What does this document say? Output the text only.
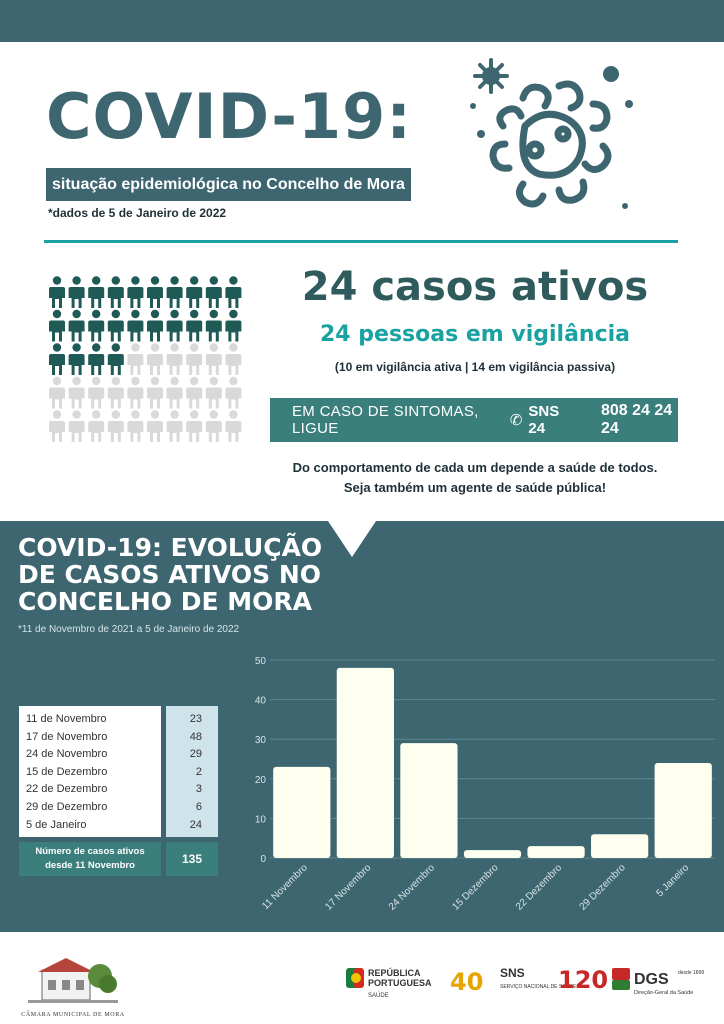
COVID-19:
situação epidemiológica no Concelho de Mora
*dados de 5 de Janeiro de 2022
24 casos ativos
24 pessoas em vigilância
(10 em vigilância ativa | 14 em vigilância passiva)
EM CASO DE SINTOMAS, LIGUE	✆
SNS 24
808 24 24 24
Do comportamento de cada um depende a saúde de todos.
Seja também um agente de saúde pública!
COVID-19: EVOLUÇÃO
DE CASOS ATIVOS NO
CONCELHO DE MORA
*11 de Novembro de 2021 a 5 de Janeiro de 2022
11 de Novembro	23
17 de Novembro	48
24 de Novembro	29
15 de Dezembro	2
22 de Dezembro	3
29 de Dezembro	6
5 de Janeiro	24
Número de casos ativos
desde 11 Novembro	135	0
10
20
30
40
50
11 Novembro 17 Novembro 24 Novembro 15 Dezembro 22 Dezembro 29 Dezembro	5 Janeiro
CÂMARA MUNICIPAL DE MORA
REPÚBLICA
PORTUGUESA
SAÚDE	40 SNS
SERVIÇO NACIONAL DE SAÚDE
120 DGS desde 1899
Direção-Geral da Saúde
